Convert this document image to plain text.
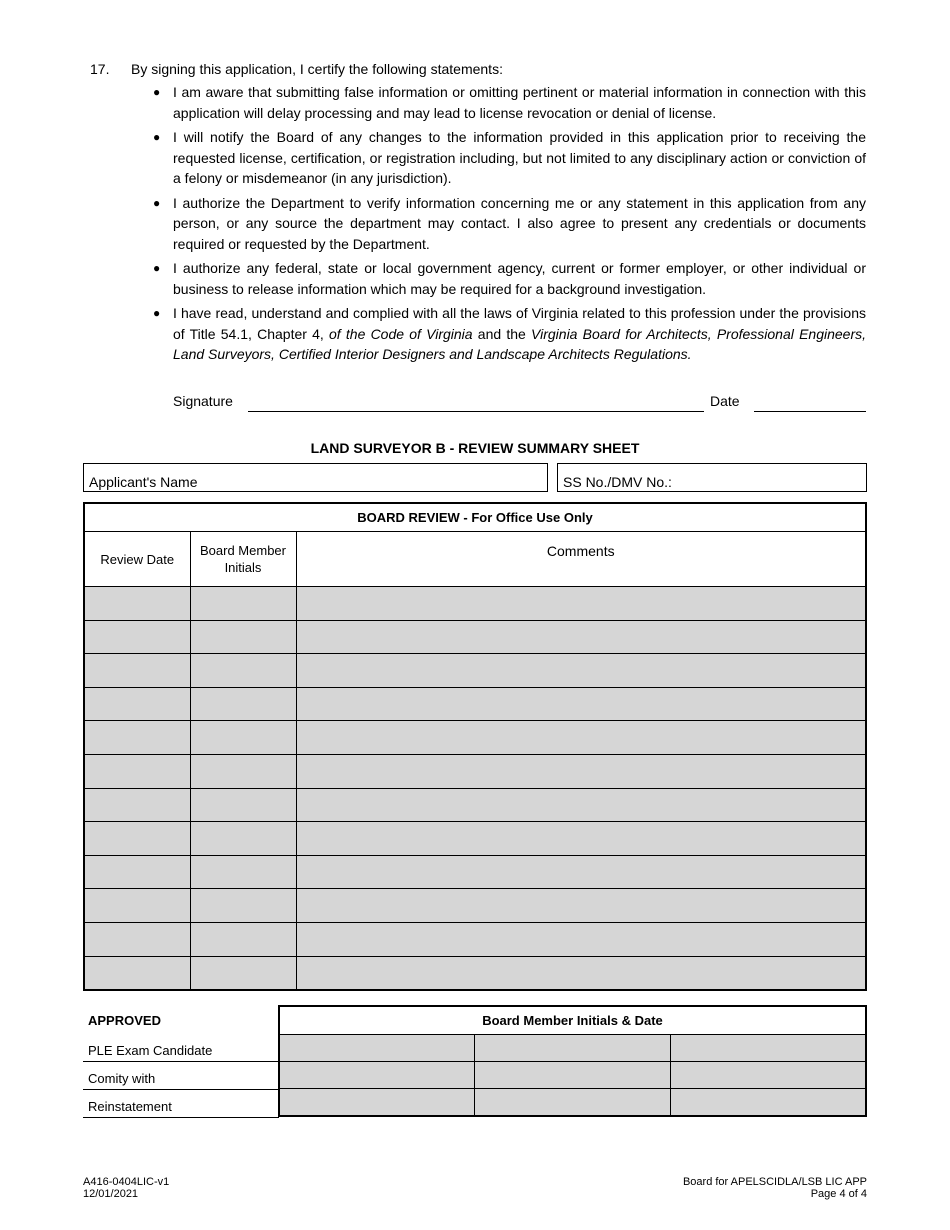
17. By signing this application, I certify the following statements:
● I am aware that submitting false information or omitting pertinent or material information in connection with this application will delay processing and may lead to license revocation or denial of license.
● I will notify the Board of any changes to the information provided in this application prior to receiving the requested license, certification, or registration including, but not limited to any disciplinary action or conviction of a felony or misdemeanor (in any jurisdiction).
● I authorize the Department to verify information concerning me or any statement in this application from any person, or any source the department may contact. I also agree to present any credentials or documents required or requested by the Department.
● I authorize any federal, state or local government agency, current or former employer, or other individual or business to release information which may be required for a background investigation.
● I have read, understand and complied with all the laws of Virginia related to this profession under the provisions of Title 54.1, Chapter 4, of the Code of Virginia and the Virginia Board for Architects, Professional Engineers, Land Surveyors, Certified Interior Designers and Landscape Architects Regulations.
Signature	Date
LAND SURVEYOR B - REVIEW SUMMARY SHEET
Applicant's Name	SS No./DMV No.:
BOARD REVIEW - For Office Use Only		
Review Date	Board Member Initials	Comments

APPROVED
PLE Exam Candidate
Comity with
Reinstatement
Board Member Initials & Date		

A416-0404LIC-v1
12/01/2021
Board for APELSCIDLA/LSB LIC APP
Page 4 of 4
